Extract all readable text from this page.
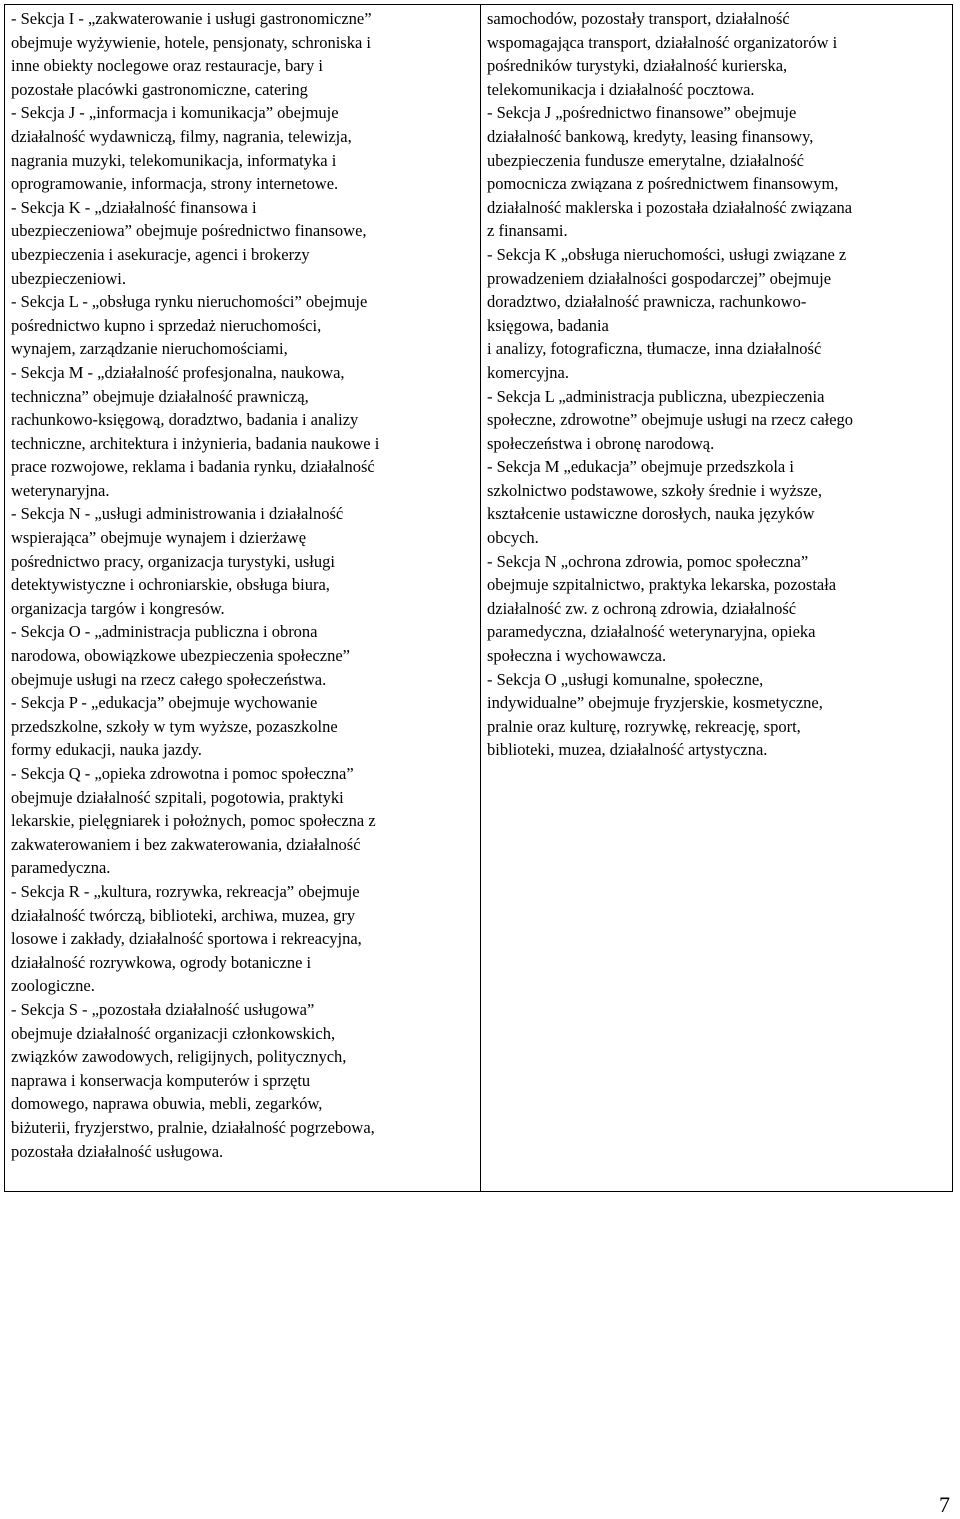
- Sekcja I - „zakwaterowanie i usługi gastronomiczne”
obejmuje wyżywienie, hotele, pensjonaty, schroniska i
inne obiekty noclegowe oraz restauracje, bary i
pozostałe placówki gastronomiczne, catering
- Sekcja J - „informacja i komunikacja” obejmuje
działalność wydawniczą, filmy, nagrania, telewizja,
nagrania muzyki, telekomunikacja, informatyka i
oprogramowanie, informacja, strony internetowe.
- Sekcja K - „działalność finansowa i
ubezpieczeniowa” obejmuje pośrednictwo finansowe,
ubezpieczenia i asekuracje, agenci i brokerzy
ubezpieczeniowi.
- Sekcja L - „obsługa rynku nieruchomości” obejmuje
pośrednictwo kupno i sprzedaż nieruchomości,
wynajem, zarządzanie nieruchomościami,
- Sekcja M - „działalność profesjonalna, naukowa,
techniczna” obejmuje działalność prawniczą,
rachunkowo-księgową, doradztwo, badania i analizy
techniczne, architektura i inżynieria, badania naukowe i
prace rozwojowe, reklama i badania rynku, działalność
weterynaryjna.
- Sekcja N - „usługi administrowania i działalność
wspierająca” obejmuje wynajem i dzierżawę
pośrednictwo pracy, organizacja turystyki, usługi
detektywistyczne i ochroniarskie, obsługa biura,
organizacja targów i kongresów.
- Sekcja O - „administracja publiczna i obrona
narodowa, obowiązkowe ubezpieczenia społeczne”
obejmuje usługi na rzecz całego społeczeństwa.
- Sekcja P - „edukacja” obejmuje wychowanie
przedszkolne, szkoły w tym wyższe, pozaszkolne
formy edukacji, nauka jazdy.
- Sekcja Q - „opieka zdrowotna i pomoc społeczna”
obejmuje działalność szpitali, pogotowia, praktyki
lekarskie, pielęgniarek i położnych, pomoc społeczna z
zakwaterowaniem i bez zakwaterowania, działalność
paramedyczna.
- Sekcja R - „kultura, rozrywka, rekreacja” obejmuje
działalność twórczą, biblioteki, archiwa, muzea, gry
losowe i zakłady, działalność sportowa i rekreacyjna,
działalność rozrywkowa, ogrody botaniczne i
zoologiczne.
- Sekcja S - „pozostała działalność usługowa”
obejmuje działalność organizacji członkowskich,
związków zawodowych, religijnych, politycznych,
naprawa i konserwacja komputerów i sprzętu
domowego, naprawa obuwia, mebli, zegarków,
biżuterii, fryzjerstwo, pralnie, działalność pogrzebowa,
pozostała działalność usługowa.
samochodów, pozostały transport, działalność
wspomagająca transport, działalność organizatorów i
pośredników turystyki, działalność kurierska,
telekomunikacja i działalność pocztowa.
- Sekcja J „pośrednictwo finansowe” obejmuje
działalność bankową, kredyty, leasing finansowy,
ubezpieczenia fundusze emerytalne, działalność
pomocnicza związana z pośrednictwem finansowym,
działalność maklerska i pozostała działalność związana
z finansami.
- Sekcja K „obsługa nieruchomości, usługi związane z
prowadzeniem działalności gospodarczej” obejmuje
doradztwo, działalność prawnicza, rachunkowo-
księgowa, badania
i analizy, fotograficzna, tłumacze, inna działalność
komercyjna.
- Sekcja L „administracja publiczna, ubezpieczenia
społeczne, zdrowotne” obejmuje usługi na rzecz całego
społeczeństwa i obronę narodową.
- Sekcja M „edukacja” obejmuje przedszkola i
szkolnictwo podstawowe, szkoły średnie i wyższe,
kształcenie ustawiczne dorosłych, nauka języków
obcych.
- Sekcja N „ochrona zdrowia, pomoc społeczna”
obejmuje szpitalnictwo, praktyka lekarska, pozostała
działalność zw. z ochroną zdrowia, działalność
paramedyczna, działalność weterynaryjna, opieka
społeczna i wychowawcza.
- Sekcja O „usługi komunalne, społeczne,
indywidualne” obejmuje fryzjerskie, kosmetyczne,
pralnie oraz kulturę, rozrywkę, rekreację, sport,
biblioteki, muzea, działalność artystyczna.
7
